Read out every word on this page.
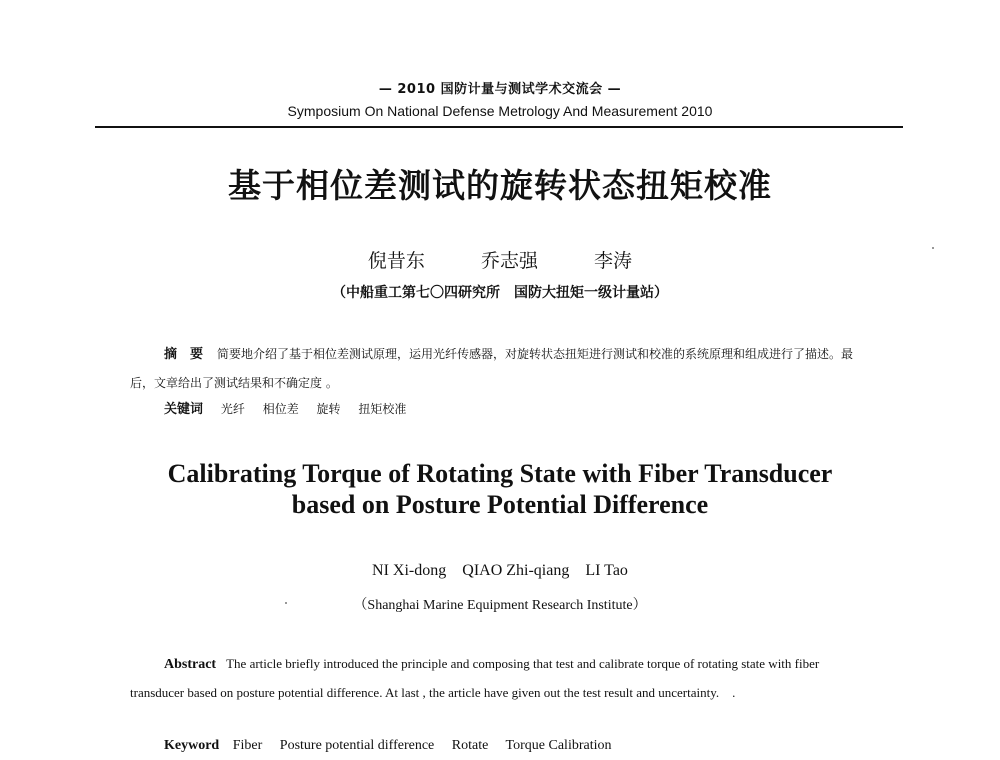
— 2010 国防计量与测试学术交流会 —
Symposium On National Defense Metrology And Measurement 2010
基于相位差测试的旋转状态扭矩校准
倪昔东	乔志强	李涛
（中船重工第七〇四研究所　国防大扭矩一级计量站）
摘　要 简要地介绍了基于相位差测试原理，运用光纤传感器，对旋转状态扭矩进行测试和校准的系统原理和组成进行了描述。最后，文章给出了测试结果和不确定度 。
关键词 光纤 相位差 旋转 扭矩校准
Calibrating Torque of Rotating State with Fiber Transducer
based on Posture Potential Difference
NI Xi-dong QIAO Zhi-qiang LI Tao
（Shanghai Marine Equipment Research Institute）
Abstract The article briefly introduced the principle and composing that test and calibrate torque of rotating state with fiber transducer based on posture potential difference. At last , the article have given out the test result and uncertainty.　.
Keyword Fiber Posture potential difference Rotate Torque Calibration
